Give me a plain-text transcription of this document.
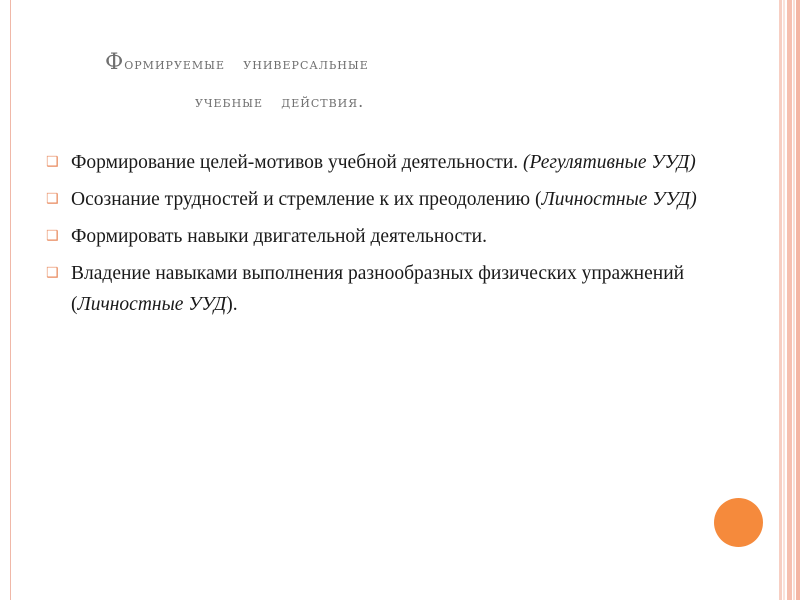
Формируемые   универсальные
учебные   действия.
❑ Формирование целей-мотивов учебной деятельности. (Регулятивные УУД)
❑ Осознание трудностей и стремление к их преодолению (Личностные УУД)
❑ Формировать навыки двигательной деятельности.
❑ Владение навыками выполнения разнообразных физических упражнений (Личностные УУД).
